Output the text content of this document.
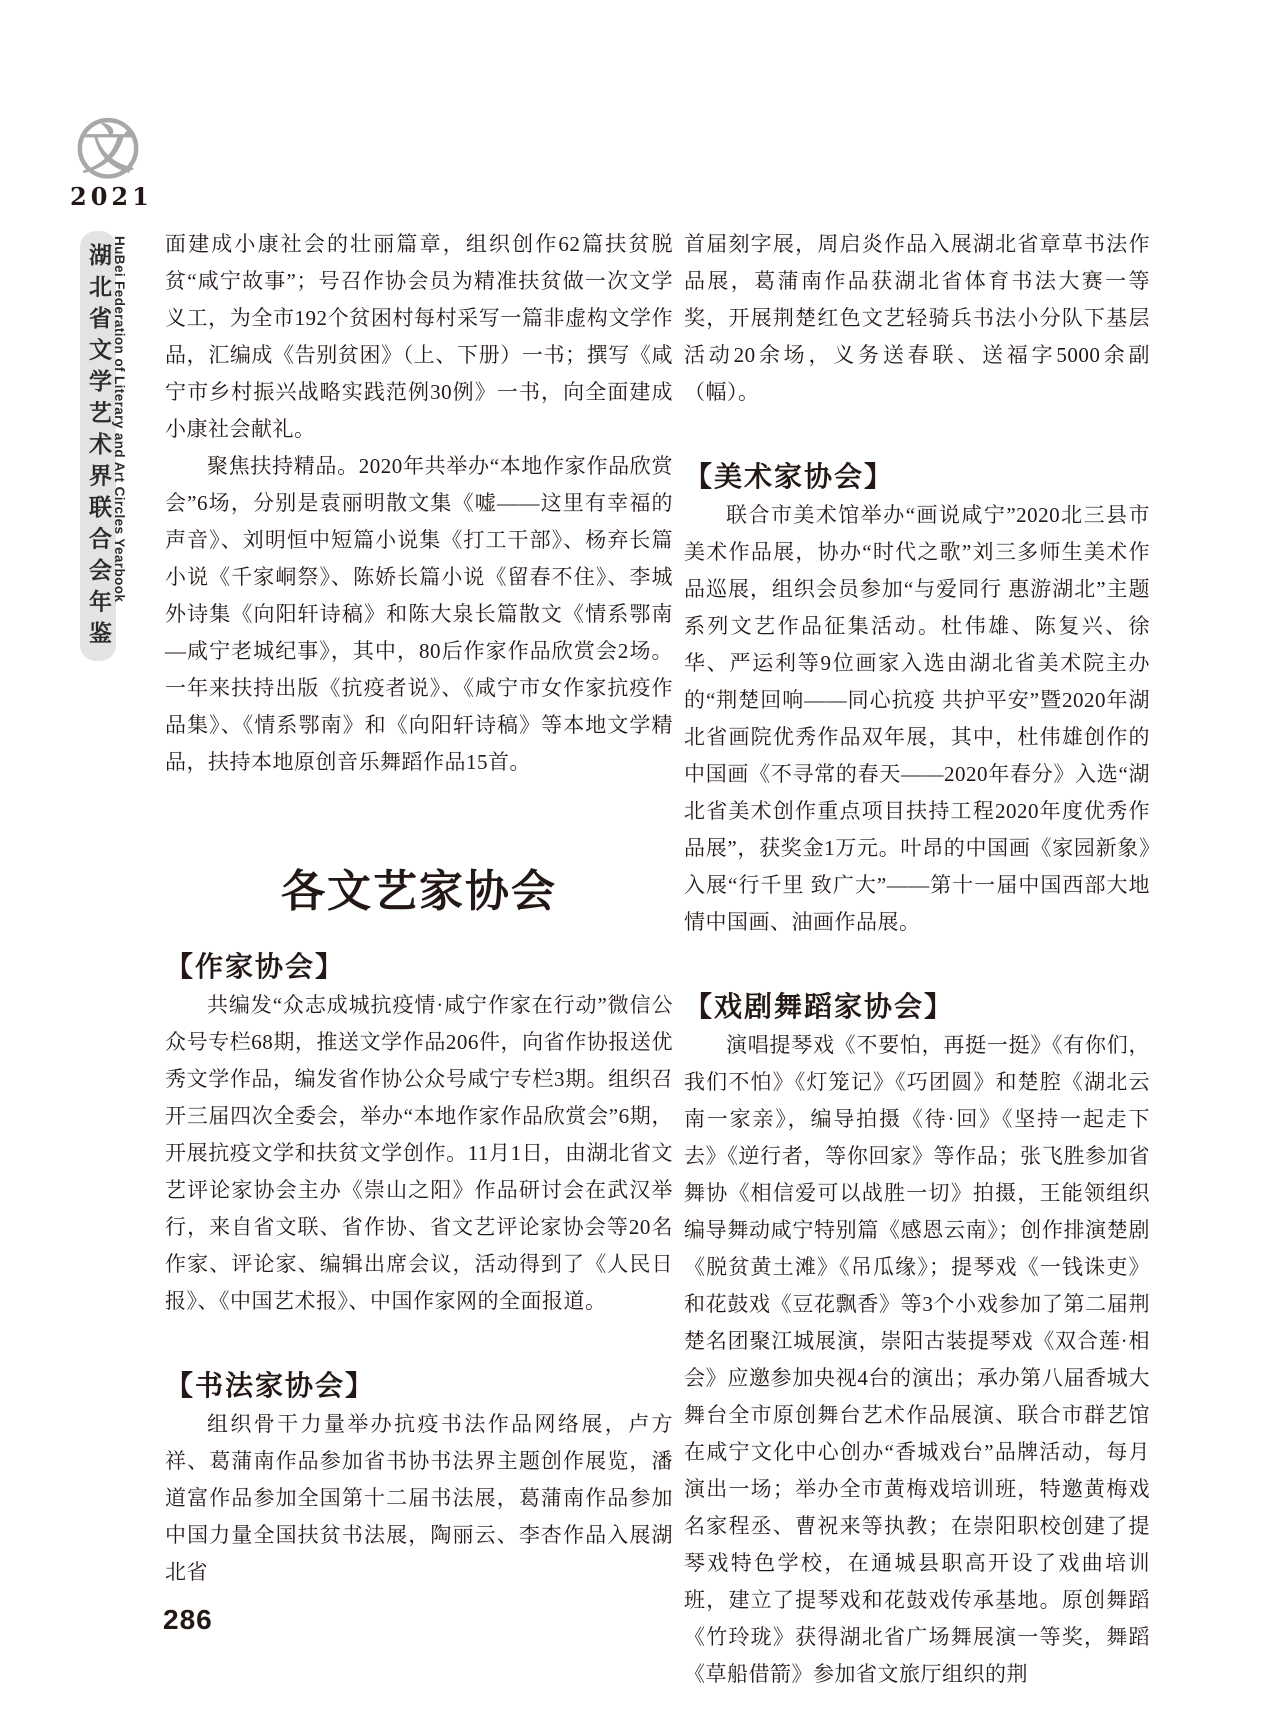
文
2021
湖北省文学艺术界联合会年鉴 HuBei Federation of Literary and Art Circles Yearbook 面建成小康社会的壮丽篇章，组织创作62篇扶贫脱贫“咸宁故事”；号召作协会员为精准扶贫做一次文学义工，为全市192个贫困村每村采写一篇非虚构文学作品，汇编成《告别贫困》（上、下册）一书；撰写《咸宁市乡村振兴战略实践范例30例》一书，向全面建成小康社会献礼。

聚焦扶持精品。2020年共举办“本地作家作品欣赏会”6场，分别是袁丽明散文集《嘘——这里有幸福的声音》、刘明恒中短篇小说集《打工干部》、杨弃长篇小说《千家峒祭》、陈娇长篇小说《留春不住》、李城外诗集《向阳轩诗稿》和陈大泉长篇散文《情系鄂南—咸宁老城纪事》，其中，80后作家作品欣赏会2场。一年来扶持出版《抗疫者说》、《咸宁市女作家抗疫作品集》、《情系鄂南》和《向阳轩诗稿》等本地文学精品，扶持本地原创音乐舞蹈作品15首。

各文艺家协会
【作家协会】

共编发“众志成城抗疫情·咸宁作家在行动”微信公众号专栏68期，推送文学作品206件，向省作协报送优秀文学作品，编发省作协公众号咸宁专栏3期。组织召开三届四次全委会，举办“本地作家作品欣赏会”6期，开展抗疫文学和扶贫文学创作。11月1日，由湖北省文艺评论家协会主办《崇山之阳》作品研讨会在武汉举行，来自省文联、省作协、省文艺评论家协会等20名作家、评论家、编辑出席会议，活动得到了《人民日报》、《中国艺术报》、中国作家网的全面报道。

【书法家协会】

组织骨干力量举办抗疫书法作品网络展，卢方祥、葛蒲南作品参加省书协书法界主题创作展览，潘道富作品参加全国第十二届书法展，葛蒲南作品参加中国力量全国扶贫书法展，陶丽云、李杏作品入展湖北省

首届刻字展，周启炎作品入展湖北省章草书法作品展，葛蒲南作品获湖北省体育书法大赛一等奖，开展荆楚红色文艺轻骑兵书法小分队下基层活动20余场，义务送春联、送福字5000余副（幅）。

【美术家协会】

联合市美术馆举办“画说咸宁”2020北三县市美术作品展，协办“时代之歌”刘三多师生美术作品巡展，组织会员参加“与爱同行 惠游湖北”主题系列文艺作品征集活动。杜伟雄、陈复兴、徐华、严运利等9位画家入选由湖北省美术院主办的“荆楚回响——同心抗疫 共护平安”暨2020年湖北省画院优秀作品双年展，其中，杜伟雄创作的中国画《不寻常的春天——2020年春分》入选“湖北省美术创作重点项目扶持工程2020年度优秀作品展”，获奖金1万元。叶昂的中国画《家园新象》入展“行千里 致广大”——第十一届中国西部大地情中国画、油画作品展。

【戏剧舞蹈家协会】

演唱提琴戏《不要怕，再挺一挺》《有你们，我们不怕》《灯笼记》《巧团圆》和楚腔《湖北云南一家亲》，编导拍摄《待·回》《坚持一起走下去》《逆行者，等你回家》等作品；张飞胜参加省舞协《相信爱可以战胜一切》拍摄，王能领组织编导舞动咸宁特别篇《感恩云南》；创作排演楚剧《脱贫黄土滩》《吊瓜缘》；提琴戏《一钱诛吏》和花鼓戏《豆花飘香》等3个小戏参加了第二届荆楚名团聚江城展演，崇阳古装提琴戏《双合莲·相会》应邀参加央视4台的演出；承办第八届香城大舞台全市原创舞台艺术作品展演、联合市群艺馆在咸宁文化中心创办“香城戏台”品牌活动，每月演出一场；举办全市黄梅戏培训班，特邀黄梅戏名家程丞、曹祝来等执教；在崇阳职校创建了提琴戏特色学校，在通城县职高开设了戏曲培训班，建立了提琴戏和花鼓戏传承基地。原创舞蹈《竹玲珑》获得湖北省广场舞展演一等奖，舞蹈《草船借箭》参加省文旅厅组织的荆

286
